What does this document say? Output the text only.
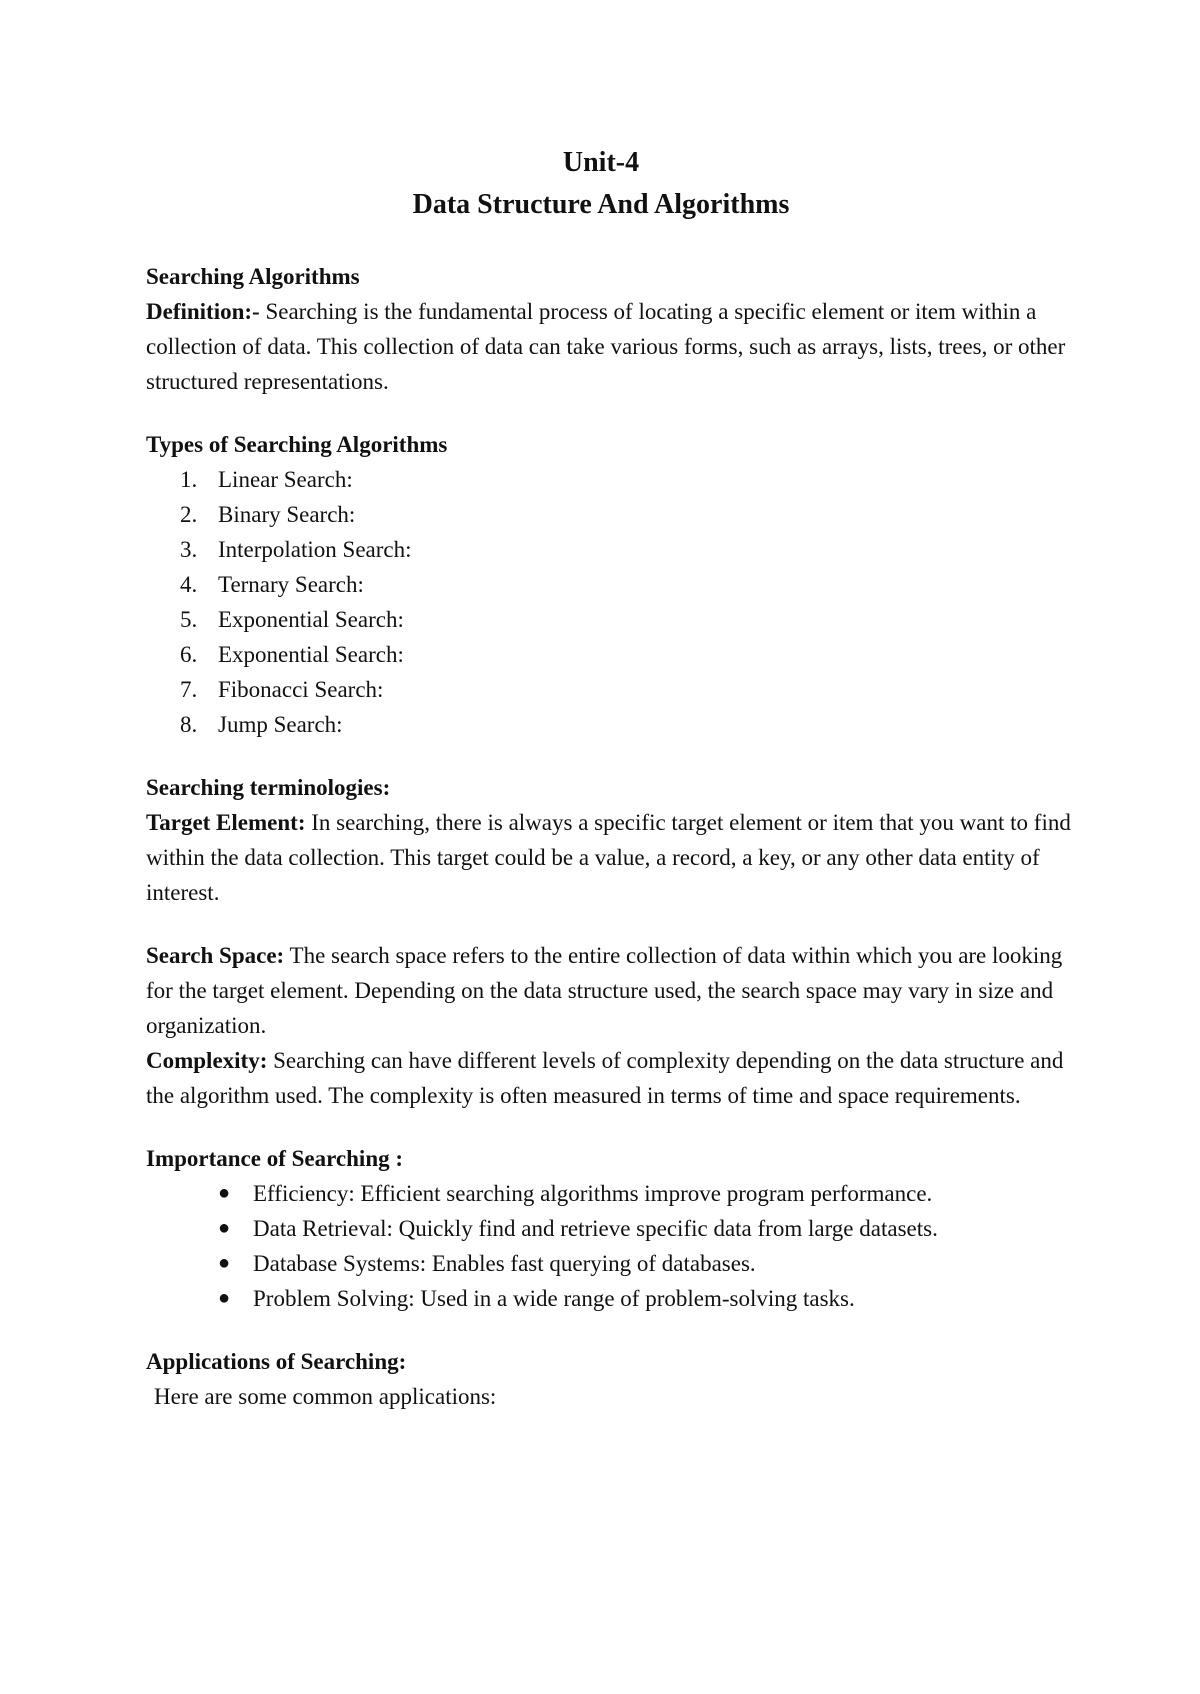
Unit-4
Data Structure And Algorithms
Searching Algorithms

Definition:- Searching is the fundamental process of locating a specific element or item within a collection of data. This collection of data can take various forms, such as arrays, lists, trees, or other structured representations.

Types of Searching Algorithms
1. Linear Search:
2. Binary Search:
3. Interpolation Search:
4. Ternary Search:
5. Exponential Search:
6. Exponential Search:
7. Fibonacci Search:
8. Jump Search:
Searching terminologies:

Target Element: In searching, there is always a specific target element or item that you want to find within the data collection. This target could be a value, a record, a key, or any other data entity of interest.

Search Space: The search space refers to the entire collection of data within which you are looking for the target element. Depending on the data structure used, the search space may vary in size and organization.

Complexity: Searching can have different levels of complexity depending on the data structure and the algorithm used. The complexity is often measured in terms of time and space requirements.

Importance of Searching :
● Efficiency: Efficient searching algorithms improve program performance.
● Data Retrieval: Quickly find and retrieve specific data from large datasets.
● Database Systems: Enables fast querying of databases.
● Problem Solving: Used in a wide range of problem-solving tasks.
Applications of Searching:
Here are some common applications:
